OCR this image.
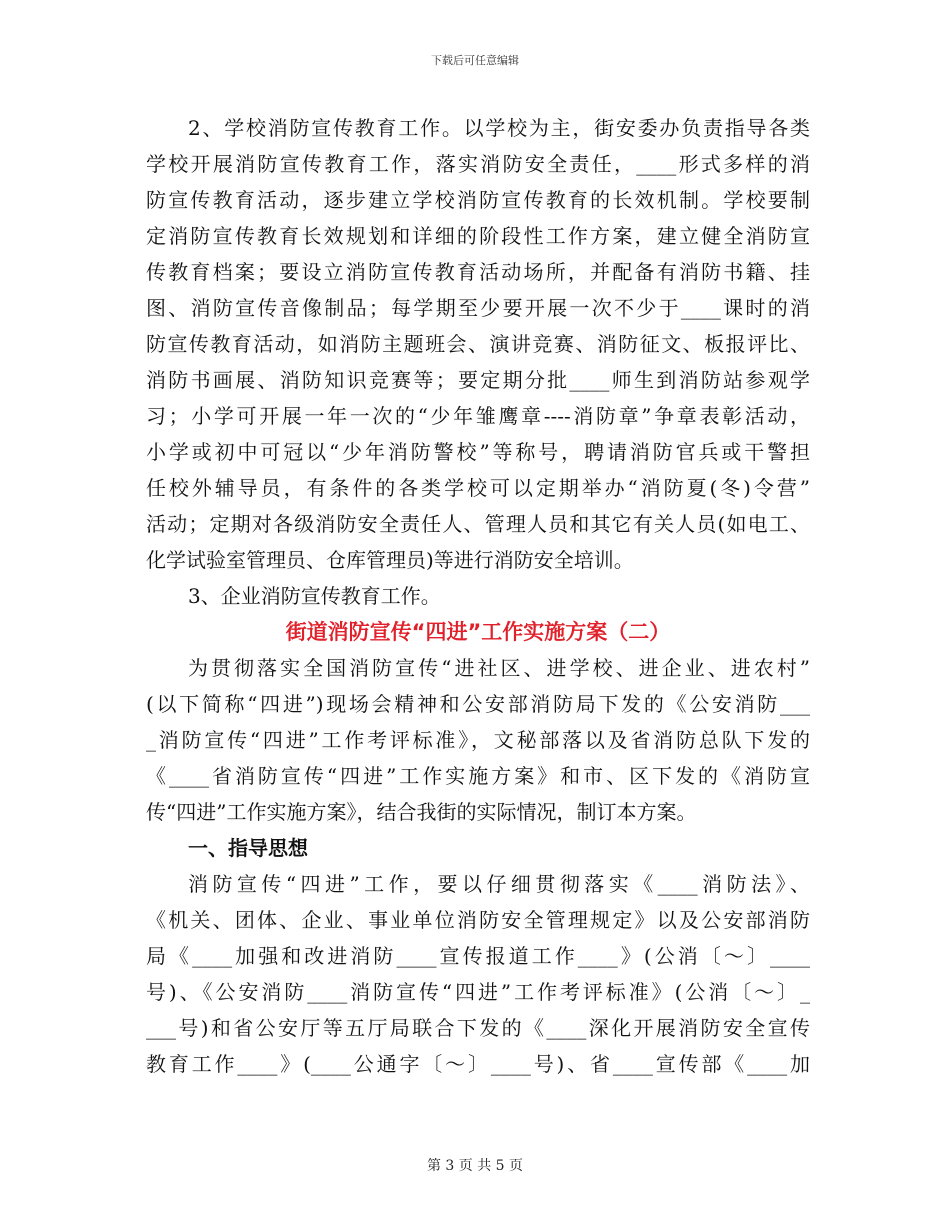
下载后可任意编辑
2、学校消防宣传教育工作。以学校为主，街安委办负责指导各类
学校开展消防宣传教育工作，落实消防安全责任，____形式多样的消
防宣传教育活动，逐步建立学校消防宣传教育的长效机制。学校要制
定消防宣传教育长效规划和详细的阶段性工作方案，建立健全消防宣
传教育档案；要设立消防宣传教育活动场所，并配备有消防书籍、挂
图、消防宣传音像制品；每学期至少要开展一次不少于____课时的消
防宣传教育活动，如消防主题班会、演讲竞赛、消防征文、板报评比、
消防书画展、消防知识竞赛等；要定期分批____师生到消防站参观学
习；小学可开展一年一次的“少年雏鹰章----消防章”争章表彰活动，
小学或初中可冠以“少年消防警校”等称号，聘请消防官兵或干警担
任校外辅导员，有条件的各类学校可以定期举办“消防夏(冬)令营”
活动；定期对各级消防安全责任人、管理人员和其它有关人员(如电工、
化学试验室管理员、仓库管理员)等进行消防安全培训。
3、企业消防宣传教育工作。
街道消防宣传“四进”工作实施方案（二）
为贯彻落实全国消防宣传“进社区、进学校、进企业、进农村”
(以下简称“四进”)现场会精神和公安部消防局下发的《公安消防___
_消防宣传“四进”工作考评标准》，文秘部落以及省消防总队下发的
《____省消防宣传“四进”工作实施方案》和市、区下发的《消防宣
传“四进”工作实施方案》，结合我街的实际情况，制订本方案。
一、指导思想
消防宣传“四进”工作，要以仔细贯彻落实《____消防法》、
《机关、团体、企业、事业单位消防安全管理规定》以及公安部消防
局《____加强和改进消防____宣传报道工作____》(公消〔～〕____
号)、《公安消防____消防宣传“四进”工作考评标准》(公消〔～〕_
___号)和省公安厅等五厅局联合下发的《____深化开展消防安全宣传
教育工作____》(____公通字〔～〕____号)、省____宣传部《____加
第 3 页 共 5 页
